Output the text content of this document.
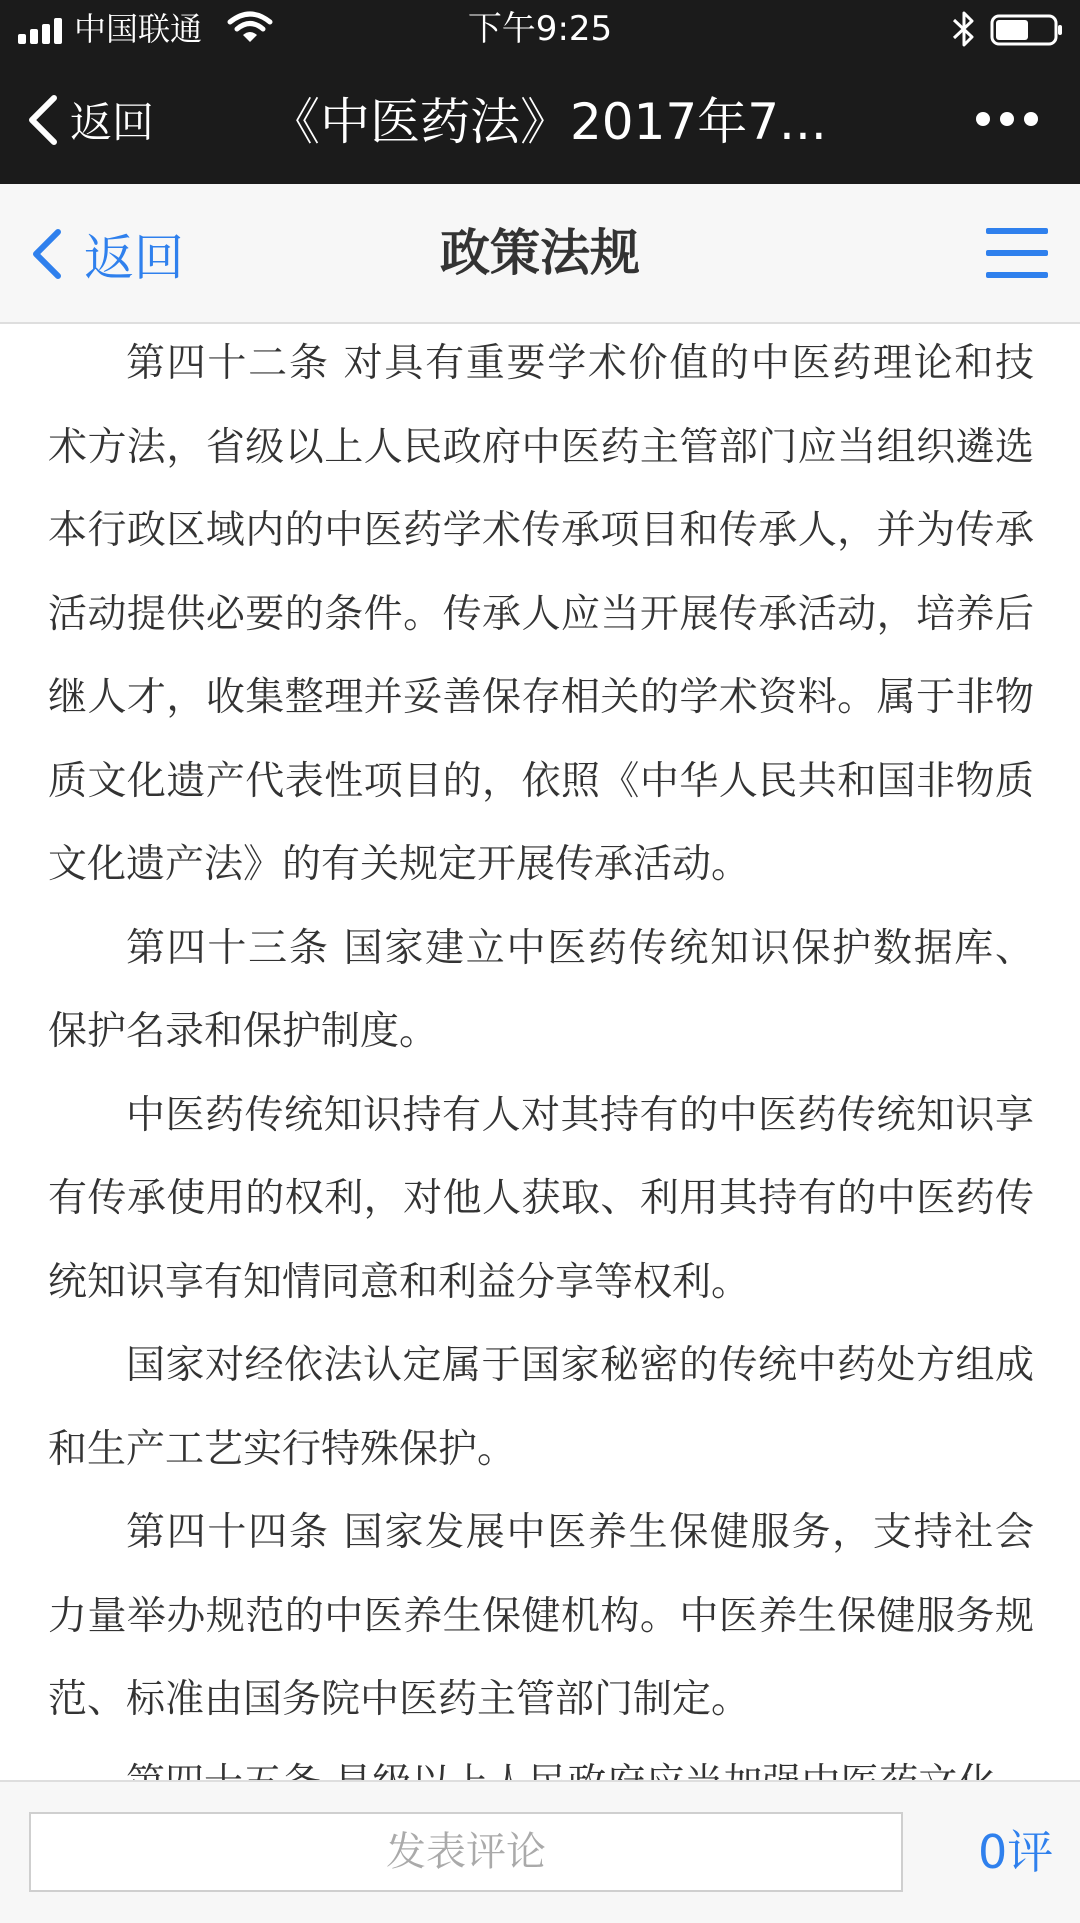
中国联通	下午9:25
返回 《中医药法》2017年7...
返回	政策法规

第四十二条 对具有重要学术价值的中医药理论和技术方法，省级以上人民政府中医药主管部门应当组织遴选本行政区域内的中医药学术传承项目和传承人，并为传承活动提供必要的条件。传承人应当开展传承活动，培养后继人才，收集整理并妥善保存相关的学术资料。属于非物质文化遗产代表性项目的，依照《中华人民共和国非物质文化遗产法》的有关规定开展传承活动。

第四十三条 国家建立中医药传统知识保护数据库、保护名录和保护制度。

中医药传统知识持有人对其持有的中医药传统知识享有传承使用的权利，对他人获取、利用其持有的中医药传统知识享有知情同意和利益分享等权利。

国家对经依法认定属于国家秘密的传统中药处方组成和生产工艺实行特殊保护。

第四十四条 国家发展中医养生保健服务，支持社会力量举办规范的中医养生保健机构。中医养生保健服务规范、标准由国务院中医药主管部门制定。

发表评论	0评
